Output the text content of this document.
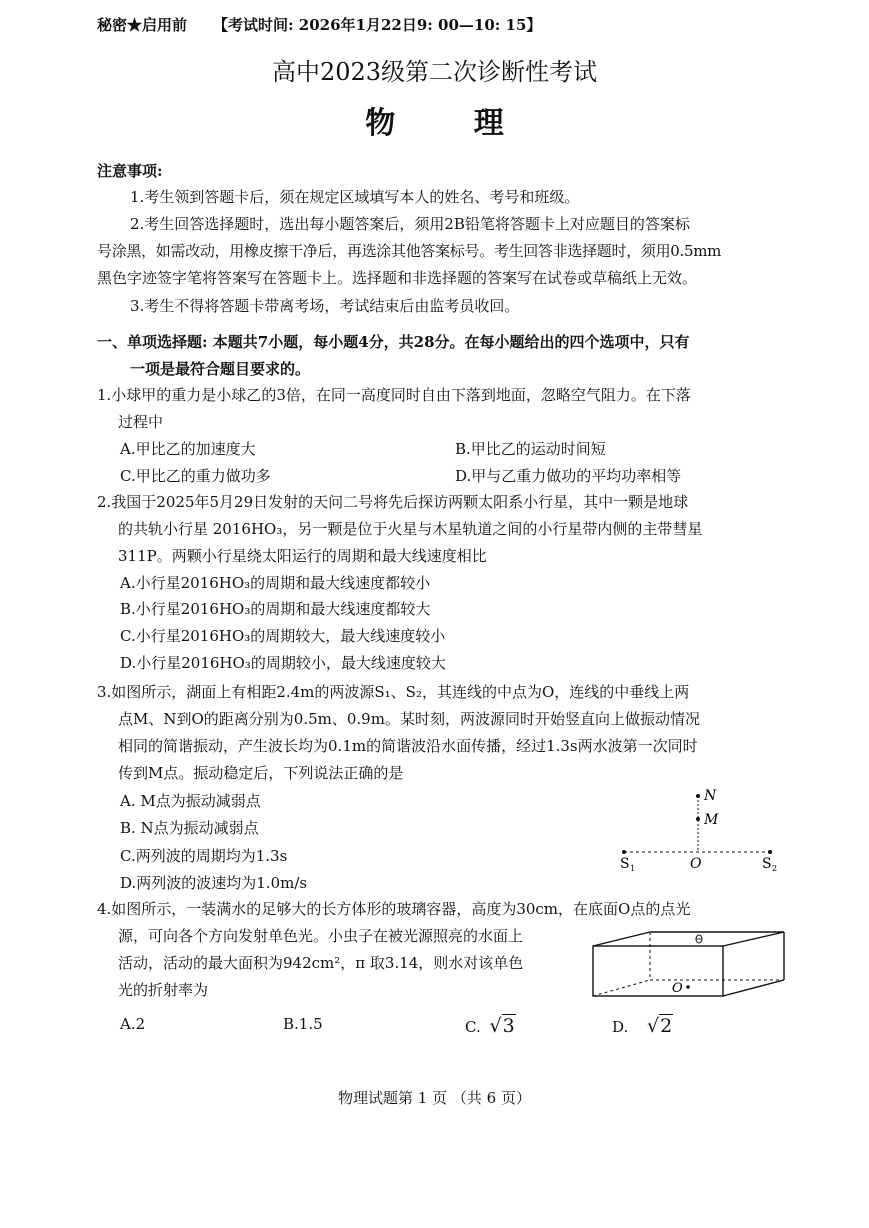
秘密★启用前 【考试时间: 2026年1月22日9: 00—10: 15】
高中2023级第二次诊断性考试
物 理
注意事项:
1.考生领到答题卡后，须在规定区域填写本人的姓名、考号和班级。
2.考生回答选择题时，选出每小题答案后，须用2B铅笔将答题卡上对应题目的答案标
号涂黑，如需改动，用橡皮擦干净后，再选涂其他答案标号。考生回答非选择题时，须用0.5mm
黑色字迹签字笔将答案写在答题卡上。选择题和非选择题的答案写在试卷或草稿纸上无效。
3.考生不得将答题卡带离考场，考试结束后由监考员收回。
一、单项选择题: 本题共7小题，每小题4分，共28分。在每小题给出的四个选项中，只有
一项是最符合题目要求的。
1.小球甲的重力是小球乙的3倍，在同一高度同时自由下落到地面，忽略空气阻力。在下落
过程中
A.甲比乙的加速度大	B.甲比乙的运动时间短
C.甲比乙的重力做功多	D.甲与乙重力做功的平均功率相等
2.我国于2025年5月29日发射的天问二号将先后探访两颗太阳系小行星，其中一颗是地球
的共轨小行星 2016HO₃，另一颗是位于火星与木星轨道之间的小行星带内侧的主带彗星
311P。两颗小行星绕太阳运行的周期和最大线速度相比
A.小行星2016HO₃的周期和最大线速度都较小
B.小行星2016HO₃的周期和最大线速度都较大
C.小行星2016HO₃的周期较大，最大线速度较小
D.小行星2016HO₃的周期较小，最大线速度较大
3.如图所示，湖面上有相距2.4m的两波源S₁、S₂，其连线的中点为O，连线的中垂线上两
点M、N到O的距离分别为0.5m、0.9m。某时刻，两波源同时开始竖直向上做振动情况
相同的简谐振动，产生波长均为0.1m的简谐波沿水面传播，经过1.3s两水波第一次同时
传到M点。振动稳定后，下列说法正确的是
A. M点为振动减弱点
B. N点为振动减弱点
C.两列波的周期均为1.3s
D.两列波的波速均为1.0m/s
N
M
O
S 1	S 2
4.如图所示，一装满水的足够大的长方体形的玻璃容器，高度为30cm，在底面O点的点光
源，可向各个方向发射单色光。小虫子在被光源照亮的水面上
活动，活动的最大面积为942cm²，π 取3.14，则水对该单色
光的折射率为	O
A.2	B.1.5	C. √3	D. √2
物理试题第 1 页 （共 6 页）
